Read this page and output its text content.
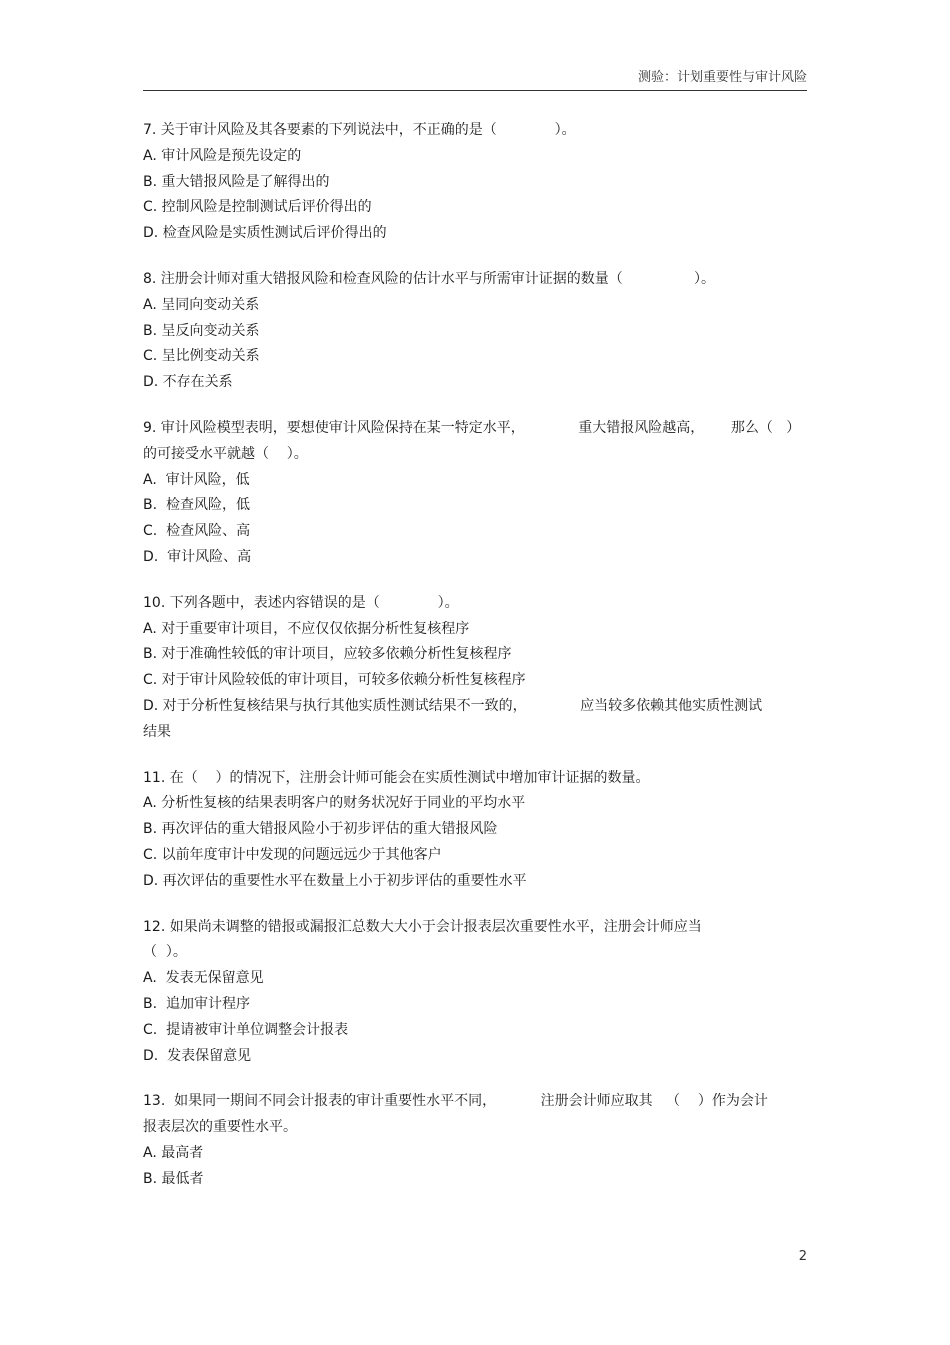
测验：计划重要性与审计风险
7. 关于审计风险及其各要素的下列说法中，不正确的是（             ）。
A. 审计风险是预先设定的
B. 重大错报风险是了解得出的
C. 控制风险是控制测试后评价得出的
D. 检查风险是实质性测试后评价得出的
8. 注册会计师对重大错报风险和检查风险的估计水平与所需审计证据的数量（                ）。
A. 呈同向变动关系
B. 呈反向变动关系
C. 呈比例变动关系
D. 不存在关系
9. 审计风险模型表明，要想使审计风险保持在某一特定水平，            重大错报风险越高，      那么（   ）
的可接受水平就越（    ）。
A.  审计风险，低
B.  检查风险，低
C.  检查风险、高
D.  审计风险、高
10. 下列各题中，表述内容错误的是（             ）。
A. 对于重要审计项目，不应仅仅依据分析性复核程序
B. 对于准确性较低的审计项目，应较多依赖分析性复核程序
C. 对于审计风险较低的审计项目，可较多依赖分析性复核程序
D. 对于分析性复核结果与执行其他实质性测试结果不一致的，            应当较多依赖其他实质性测试
结果
11. 在（    ）的情况下，注册会计师可能会在实质性测试中增加审计证据的数量。
A. 分析性复核的结果表明客户的财务状况好于同业的平均水平
B. 再次评估的重大错报风险小于初步评估的重大错报风险
C. 以前年度审计中发现的问题远远少于其他客户
D. 再次评估的重要性水平在数量上小于初步评估的重要性水平
12. 如果尚未调整的错报或漏报汇总数大大小于会计报表层次重要性水平，注册会计师应当
（  ）。
A.  发表无保留意见
B.  追加审计程序
C.  提请被审计单位调整会计报表
D.  发表保留意见
13.  如果同一期间不同会计报表的审计重要性水平不同，          注册会计师应取其   （    ）作为会计
报表层次的重要性水平。
A. 最高者
B. 最低者
2
